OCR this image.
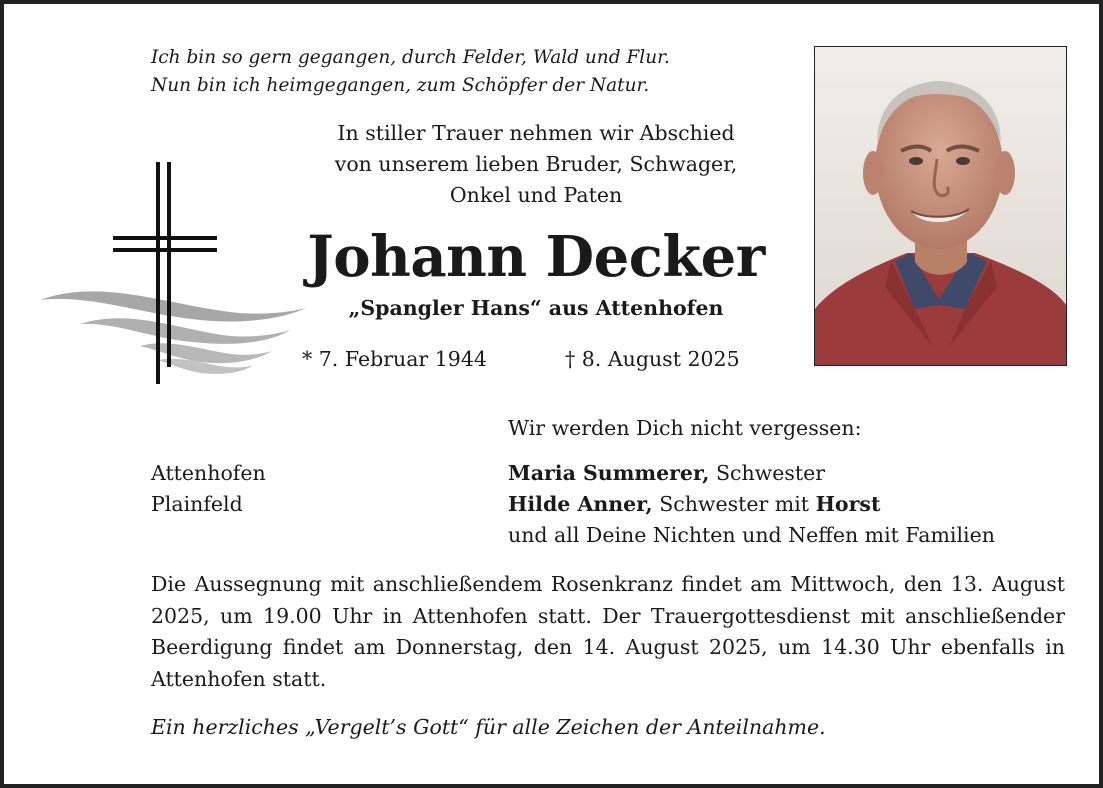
Ich bin so gern gegangen, durch Felder, Wald und Flur.
Nun bin ich heimgegangen, zum Schöpfer der Natur.
In stiller Trauer nehmen wir Abschied
von unserem lieben Bruder, Schwager,
Onkel und Paten
Johann Decker
„Spangler Hans“ aus Attenhofen
* 7. Februar 1944	† 8. August 2025
Wir werden Dich nicht vergessen:
Attenhofen
Plainfeld
Maria Summerer, Schwester
Hilde Anner, Schwester mit Horst
und all Deine Nichten und Neffen mit Familien
Die Aussegnung mit anschließendem Rosenkranz findet am Mittwoch, den 13. August 2025, um 19.00 Uhr in Attenhofen statt. Der Trauergottesdienst mit anschließender Beerdigung findet am Donnerstag, den 14. August 2025, um 14.30 Uhr ebenfalls in Attenhofen statt.
Ein herzliches „Vergelt’s Gott“ für alle Zeichen der Anteilnahme.
